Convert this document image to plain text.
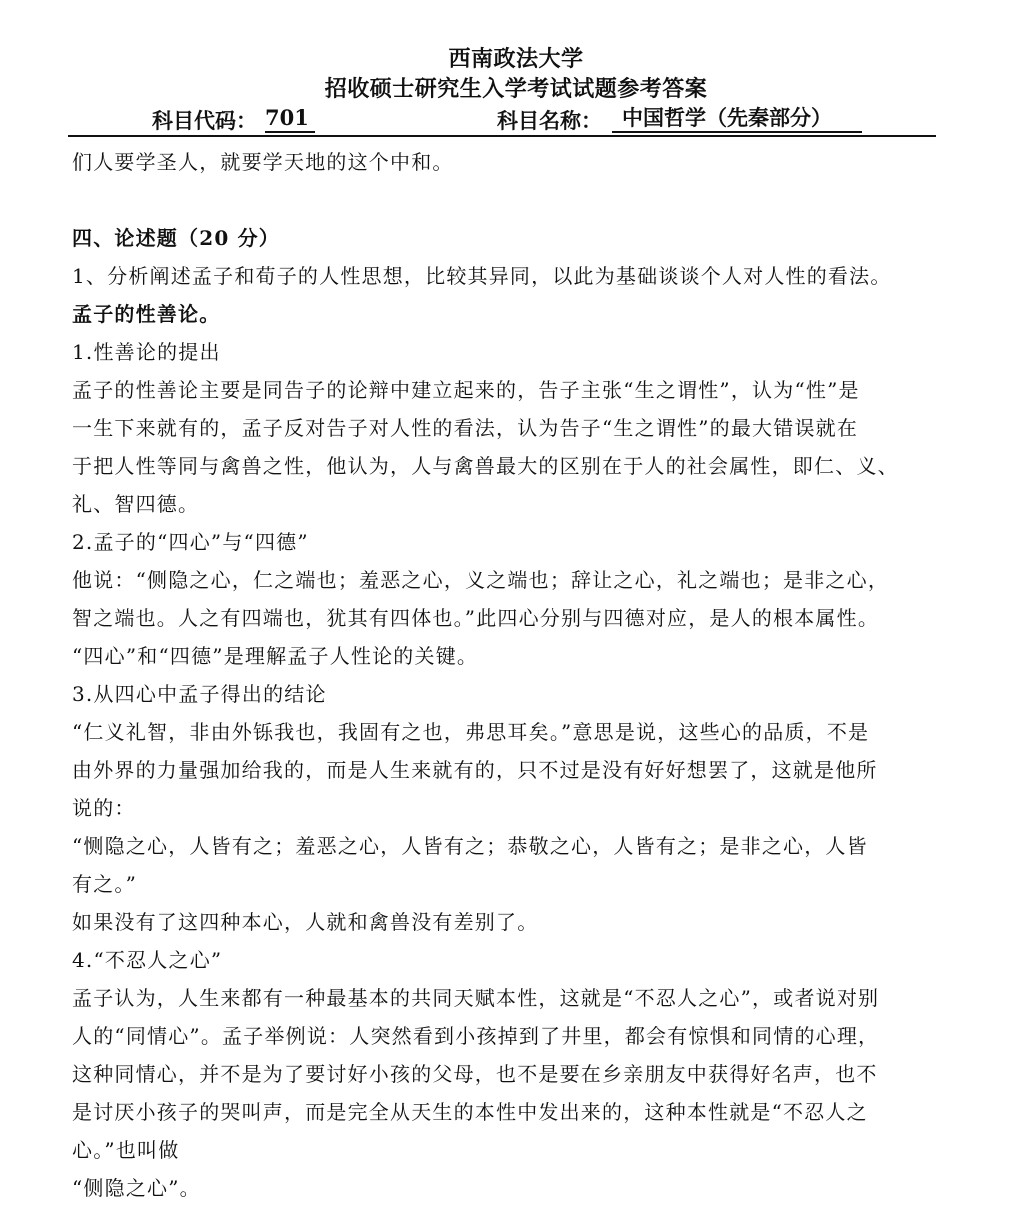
西南政法大学
招收硕士研究生入学考试试题参考答案
科目代码： 701	科目名称： 中国哲学（先秦部分）
们人要学圣人，就要学天地的这个中和。
四、论述题（20 分）
1、分析阐述孟子和荀子的人性思想，比较其异同，以此为基础谈谈个人对人性的看法。
孟子的性善论。
1.性善论的提出
孟子的性善论主要是同告子的论辩中建立起来的，告子主张“生之谓性”，认为“性”是
一生下来就有的，孟子反对告子对人性的看法，认为告子“生之谓性”的最大错误就在
于把人性等同与禽兽之性，他认为，人与禽兽最大的区别在于人的社会属性，即仁、义、
礼、智四德。
2.孟子的“四心”与“四德”
他说：“侧隐之心，仁之端也；羞恶之心，义之端也；辞让之心，礼之端也；是非之心，
智之端也。人之有四端也，犹其有四体也。”此四心分别与四德对应，是人的根本属性。
“四心”和“四德”是理解孟子人性论的关键。
3.从四心中孟子得出的结论
“仁义礼智，非由外铄我也，我固有之也，弗思耳矣。”意思是说，这些心的品质，不是
由外界的力量强加给我的，而是人生来就有的，只不过是没有好好想罢了，这就是他所
说的：
“恻隐之心，人皆有之；羞恶之心，人皆有之；恭敬之心，人皆有之；是非之心，人皆
有之。”
如果没有了这四种本心，人就和禽兽没有差别了。
4.“不忍人之心”
孟子认为，人生来都有一种最基本的共同天赋本性，这就是“不忍人之心”，或者说对别
人的“同情心”。孟子举例说：人突然看到小孩掉到了井里，都会有惊惧和同情的心理，
这种同情心，并不是为了要讨好小孩的父母，也不是要在乡亲朋友中获得好名声，也不
是讨厌小孩子的哭叫声，而是完全从天生的本性中发出来的，这种本性就是“不忍人之
心。”也叫做
“侧隐之心”。
